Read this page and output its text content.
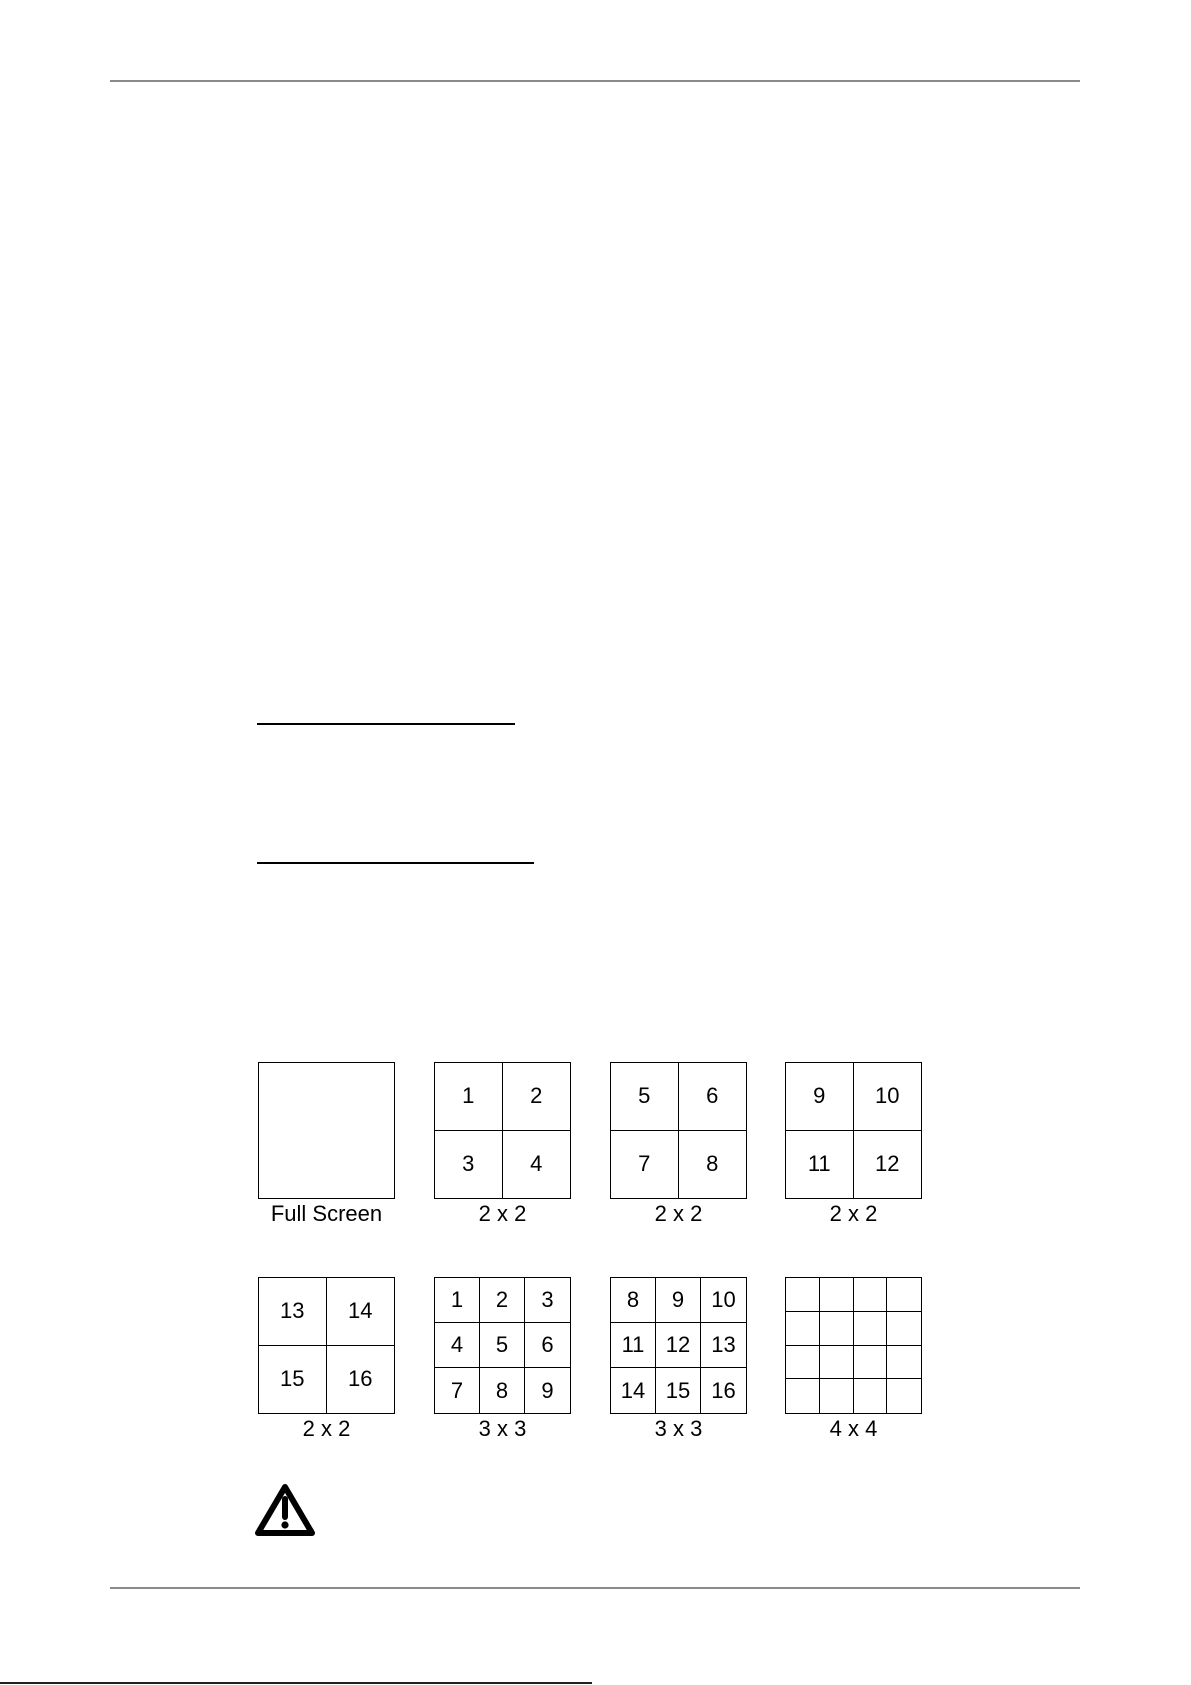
Full Screen
1	2
3	4
2 x 2
5	6
7	8
2 x 2
9	10
11	12
2 x 2
13	14
15	16
2 x 2
1	2	3
4	5	6
7	8	9
3 x 3
8	9	10
11 12 13
14 15 16
3 x 3	4 x 4
